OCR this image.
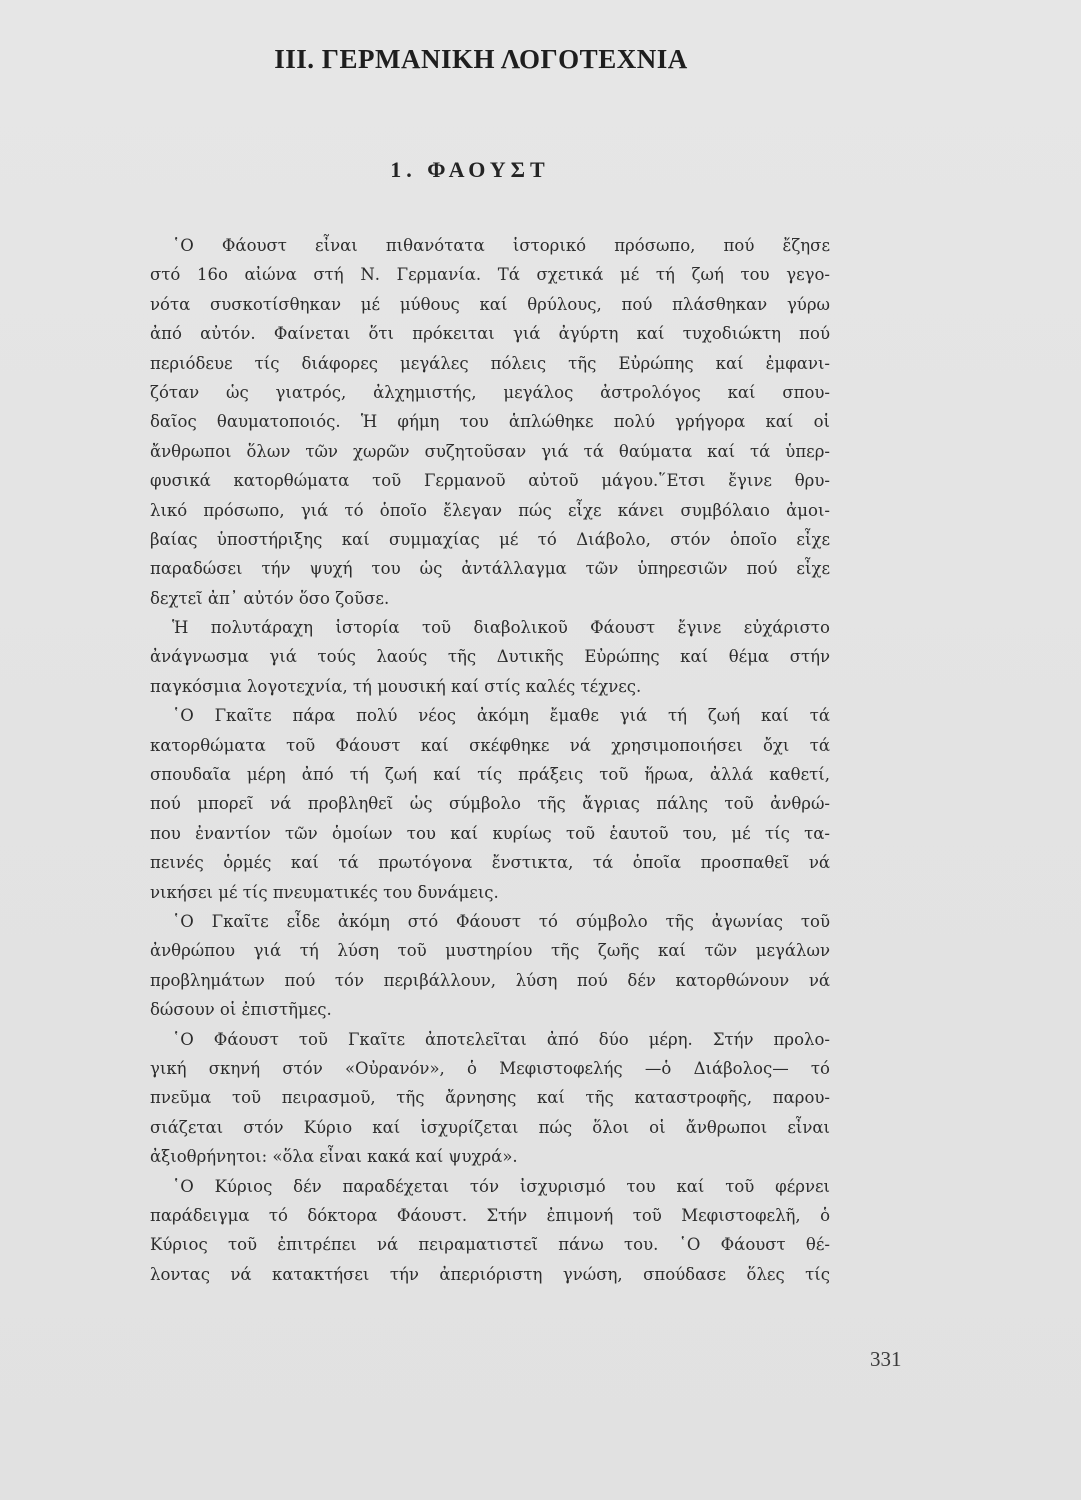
III. ΓΕΡΜΑΝΙΚΗ ΛΟΓΟΤΕΧΝΙΑ
1. ΦΑΟΥΣΤ
῾Ο Φάουστ εἶναι πιθανότατα ἱστορικό πρόσωπο, πού ἔζησε
στό 16ο αἰώνα στή Ν. Γερμανία. Τά σχετικά μέ τή ζωή του γεγο-
νότα συσκοτίσθηκαν μέ μύθους καί θρύλους, πού πλάσθηκαν γύρω
ἀπό αὐτόν. Φαίνεται ὅτι πρόκειται γιά ἀγύρτη καί τυχοδιώκτη πού
περιόδευε τίς διάφορες μεγάλες πόλεις τῆς Εὐρώπης καί ἐμφανι-
ζόταν ὡς γιατρός, ἀλχημιστής, μεγάλος ἀστρολόγος καί σπου-
δαῖος θαυματοποιός. Ἡ φήμη του ἁπλώθηκε πολύ γρήγορα καί οἱ
ἄνθρωποι ὅλων τῶν χωρῶν συζητοῦσαν γιά τά θαύματα καί τά ὑπερ-
φυσικά κατορθώματα τοῦ Γερμανοῦ αὐτοῦ μάγου.῞Ετσι ἔγινε θρυ-
λικό πρόσωπο, γιά τό ὁποῖο ἔλεγαν πώς εἶχε κάνει συμβόλαιο ἀμοι-
βαίας ὑποστήριξης καί συμμαχίας μέ τό Διάβολο, στόν ὁποῖο εἶχε
παραδώσει τήν ψυχή του ὡς ἀντάλλαγμα τῶν ὑπηρεσιῶν πού εἶχε
δεχτεῖ ἀπ᾽ αὐτόν ὅσο ζοῦσε.
Ἡ πολυτάραχη ἱστορία τοῦ διαβολικοῦ Φάουστ ἔγινε εὐχάριστο
ἀνάγνωσμα γιά τούς λαούς τῆς Δυτικῆς Εὐρώπης καί θέμα στήν
παγκόσμια λογοτεχνία, τή μουσική καί στίς καλές τέχνες.
῾Ο Γκαῖτε πάρα πολύ νέος ἀκόμη ἔμαθε γιά τή ζωή καί τά
κατορθώματα τοῦ Φάουστ καί σκέφθηκε νά χρησιμοποιήσει ὄχι τά
σπουδαῖα μέρη ἀπό τή ζωή καί τίς πράξεις τοῦ ἥρωα, ἀλλά καθετί,
πού μπορεῖ νά προβληθεῖ ὡς σύμβολο τῆς ἄγριας πάλης τοῦ ἀνθρώ-
που ἐναντίον τῶν ὁμοίων του καί κυρίως τοῦ ἑαυτοῦ του, μέ τίς τα-
πεινές ὁρμές καί τά πρωτόγονα ἔνστικτα, τά ὁποῖα προσπαθεῖ νά
νικήσει μέ τίς πνευματικές του δυνάμεις.
῾Ο Γκαῖτε εἶδε ἀκόμη στό Φάουστ τό σύμβολο τῆς ἀγωνίας τοῦ
ἀνθρώπου γιά τή λύση τοῦ μυστηρίου τῆς ζωῆς καί τῶν μεγάλων
προβλημάτων πού τόν περιβάλλουν, λύση πού δέν κατορθώνουν νά
δώσουν οἱ ἐπιστῆμες.
῾Ο Φάουστ τοῦ Γκαῖτε ἀποτελεῖται ἀπό δύο μέρη. Στήν προλο-
γική σκηνή στόν «Οὐρανόν», ὁ Μεφιστοφελής —ὁ Διάβολος— τό
πνεῦμα τοῦ πειρασμοῦ, τῆς ἄρνησης καί τῆς καταστροφῆς, παρου-
σιάζεται στόν Κύριο καί ἰσχυρίζεται πώς ὅλοι οἱ ἄνθρωποι εἶναι
ἀξιοθρήνητοι: «ὅλα εἶναι κακά καί ψυχρά».
῾Ο Κύριος δέν παραδέχεται τόν ἰσχυρισμό του καί τοῦ φέρνει
παράδειγμα τό δόκτορα Φάουστ. Στήν ἐπιμονή τοῦ Μεφιστοφελῆ, ὁ
Κύριος τοῦ ἐπιτρέπει νά πειραματιστεῖ πάνω του. ῾Ο Φάουστ θέ-
λοντας νά κατακτήσει τήν ἀπεριόριστη γνώση, σπούδασε ὅλες τίς
331
